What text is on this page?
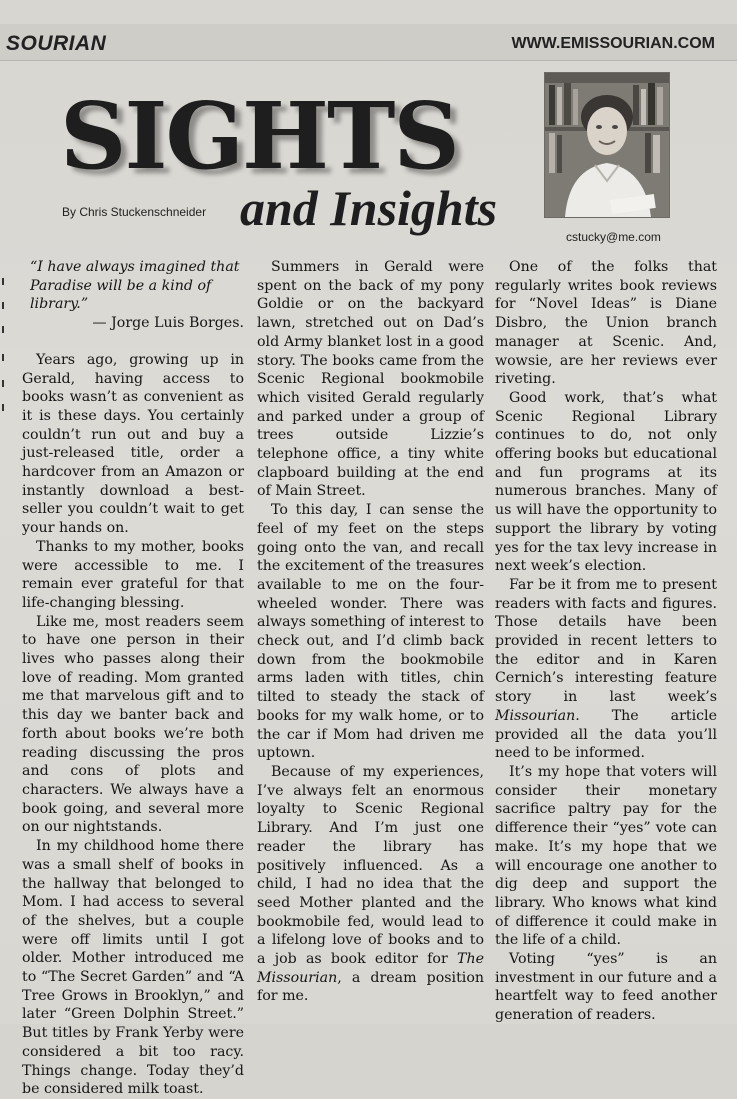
SOURIAN	WWW.EMISSOURIAN.COM
SIGHTS
By Chris Stuckenschneider and Insights
cstucky@me.com

“I have always imagined that Paradise will be a kind of library.”

— Jorge Luis Borges.

Years ago, growing up in Gerald, having access to books wasn’t as convenient as it is these days. You certainly couldn’t run out and buy a just-released title, order a hardcover from an Amazon or instantly download a best-seller you couldn’t wait to get your hands on.

Thanks to my mother, books were accessible to me. I remain ever grateful for that life-changing blessing.

Like me, most readers seem to have one person in their lives who passes along their love of reading. Mom granted me that marvelous gift and to this day we banter back and forth about books we’re both reading discussing the pros and cons of plots and characters. We always have a book going, and several more on our nightstands.

In my childhood home there was a small shelf of books in the hallway that belonged to Mom. I had access to several of the shelves, but a couple were off limits until I got older. Mother introduced me to “The Secret Garden” and “A Tree Grows in Brooklyn,” and later “Green Dolphin Street.” But titles by Frank Yerby were considered a bit too racy. Things change. Today they’d be considered milk toast.

Summers in Gerald were spent on the back of my pony Goldie or on the backyard lawn, stretched out on Dad’s old Army blanket lost in a good story. The books came from the Scenic Regional bookmobile which visited Gerald regularly and parked under a group of trees outside Lizzie’s telephone office, a tiny white clapboard building at the end of Main Street.

To this day, I can sense the feel of my feet on the steps going onto the van, and recall the excitement of the treasures available to me on the four-wheeled wonder. There was always something of interest to check out, and I’d climb back down from the bookmobile arms laden with titles, chin tilted to steady the stack of books for my walk home, or to the car if Mom had driven me uptown.

Because of my experiences, I’ve always felt an enormous loyalty to Scenic Regional Library. And I’m just one reader the library has positively influenced. As a child, I had no idea that the seed Mother planted and the bookmobile fed, would lead to a lifelong love of books and to a job as book editor for The Missourian, a dream position for me.

One of the folks that regularly writes book reviews for “Novel Ideas” is Diane Disbro, the Union branch manager at Scenic. And, wowsie, are her reviews ever riveting.

Good work, that’s what Scenic Regional Library continues to do, not only offering books but educational and fun programs at its numerous branches. Many of us will have the opportunity to support the library by voting yes for the tax levy increase in next week’s election.

Far be it from me to present readers with facts and figures. Those details have been provided in recent letters to the editor and in Karen Cernich’s interesting feature story in last week’s Missourian. The article provided all the data you’ll need to be informed.

It’s my hope that voters will consider their monetary sacrifice paltry pay for the difference their “yes” vote can make. It’s my hope that we will encourage one another to dig deep and support the library. Who knows what kind of difference it could make in the life of a child.

Voting “yes” is an investment in our future and a heartfelt way to feed another generation of readers.
